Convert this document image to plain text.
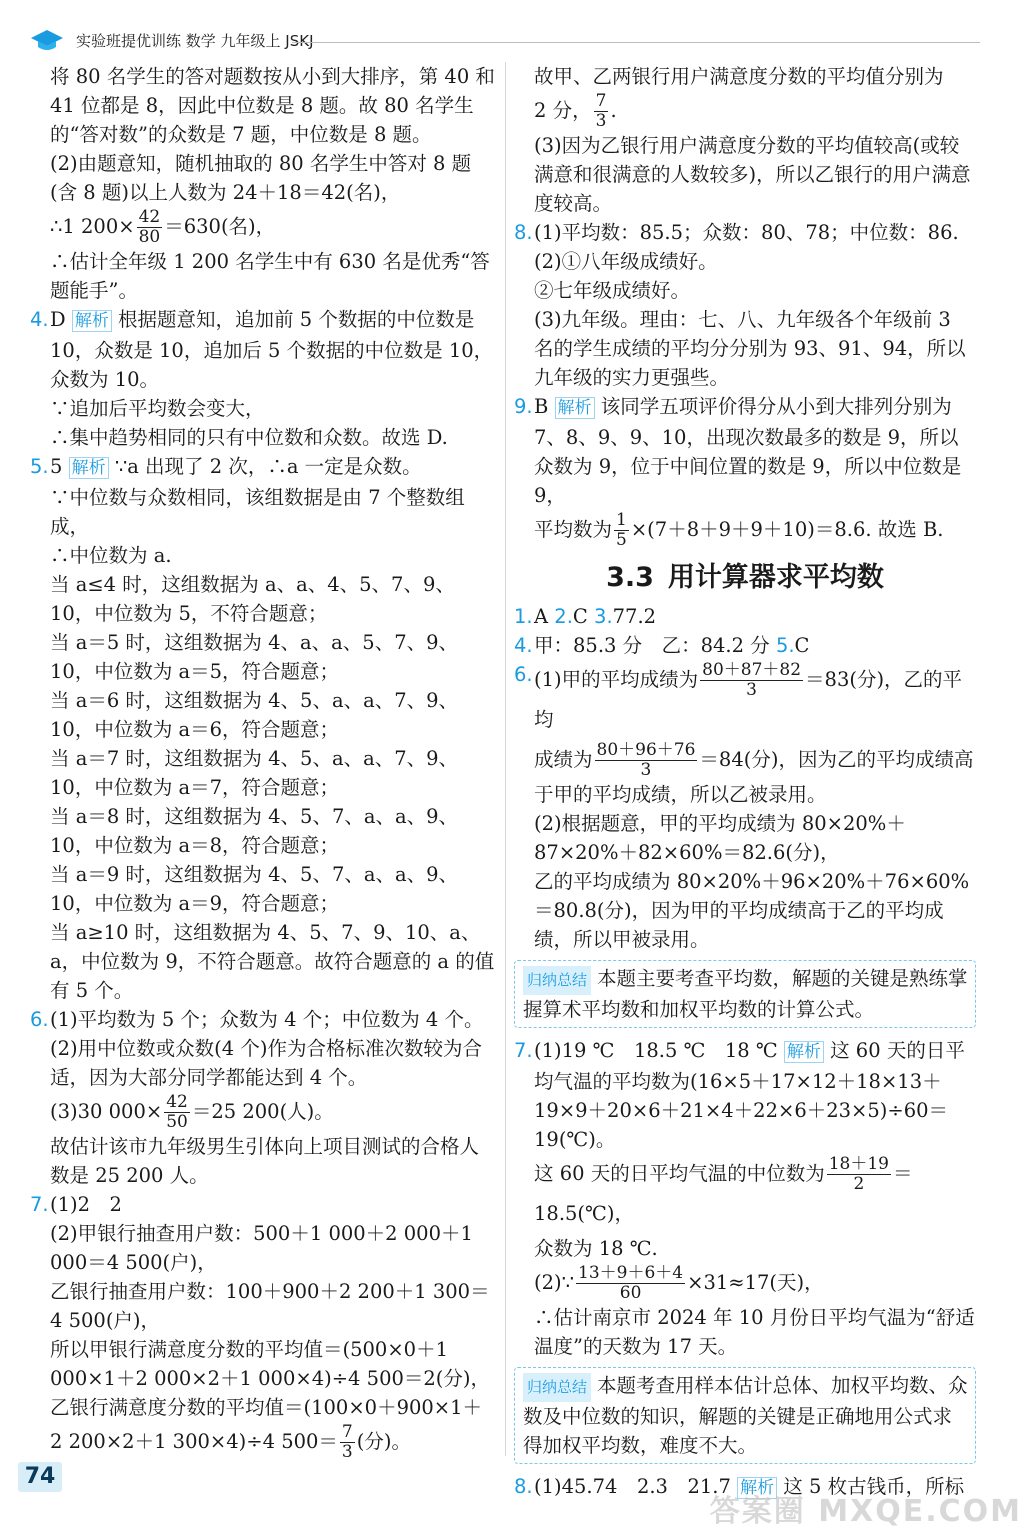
实验班提优训练 数学 九年级上 JSKJ

将 80 名学生的答对题数按从小到大排序，第 40 和 41 位都是 8，因此中位数是 8 题。故 80 名学生的“答对数”的众数是 7 题，中位数是 8 题。

(2)由题意知，随机抽取的 80 名学生中答对 8 题(含 8 题)以上人数为 24＋18＝42(名)，

∴1 $200\times \frac{42}{80} =630$(名)，

∴估计全年级 1 200 名学生中有 630 名是优秀“答题能手”。

4. D 解析 根据题意知，追加前 5 个数据的中位数是 10，众数是 10，追加后 5 个数据的中位数是 10，众数为 10。
∵追加后平均数会变大，
∴集中趋势相同的只有中位数和众数。故选 D.
5. 5 解析 ∵a 出现了 2 次，∴a 一定是众数。
∵中位数与众数相同，该组数据是由 7 个整数组成，
∴中位数为 a.
当 a≤4 时，这组数据为 a、a、4、5、7、9、10，中位数为 5，不符合题意；
当 a＝5 时，这组数据为 4、a、a、5、7、9、10，中位数为 a＝5，符合题意；
当 a＝6 时，这组数据为 4、5、a、a、7、9、10，中位数为 a＝6，符合题意；
当 a＝7 时，这组数据为 4、5、a、a、7、9、10，中位数为 a＝7，符合题意；
当 a＝8 时，这组数据为 4、5、7、a、a、9、10，中位数为 a＝8，符合题意；
当 a＝9 时，这组数据为 4、5、7、a、a、9、10，中位数为 a＝9，符合题意；
当 a≥10 时，这组数据为 4、5、7、9、10、a、a，中位数为 9，不符合题意。故符合题意的 a 的值有 5 个。
6. (1)平均数为 5 个；众数为 4 个；中位数为 4 个。
(2)用中位数或众数(4 个)作为合格标准次数较为合适，因为大部分同学都能达到 4 个。
(3)30 $000\times \frac{42}{50} =25$ 200(人)。
故估计该市九年级男生引体向上项目测试的合格人数是 25 200 人。
7. (1)2　2
(2)甲银行抽查用户数：500＋1 000＋2 000＋1 000＝4 500(户)，
乙银行抽查用户数：100＋900＋2 200＋1 300＝4 500(户)，
所以甲银行满意度分数的平均值＝(500×0＋1 000×1＋2 000×2＋1 000×4)÷4 500＝2(分)，
乙银行满意度分数的平均值＝(100×0＋900×1＋
2 200×2＋1 300×4)÷4 $500= \frac{7}{3}$ (分)。

故甲、乙两银行用户满意度分数的平均值分别为

2 分， $\frac{7}{3}$ .

(3)因为乙银行用户满意度分数的平均值较高(或较满意和很满意的人数较多)，所以乙银行的用户满意度较高。

8. (1)平均数：85.5；众数：80、78；中位数：86.
(2)①八年级成绩好。
②七年级成绩好。
(3)九年级。理由：七、八、九年级各个年级前 3 名的学生成绩的平均分分别为 93、91、94，所以九年级的实力更强些。
9. B 解析 该同学五项评价得分从小到大排列分别为 7、8、9、9、10，出现次数最多的数是 9，所以众数为 9，位于中间位置的数是 9，所以中位数是 9，
平均数为 $\frac{1}{5} \times(7+8+9+9+10)=8.6$. 故选 B.
3.3 用计算器求平均数
1. A 2.C 3.77.2
4. 甲：85.3 分　乙：84.2 分 5.C
6. (1)甲的平均成绩为 $\frac{80+87+82}{3} =83$(分)，乙的平均
成绩为 $\frac{80+96+76}{3} =84$(分)，因为乙的平均成绩高
于甲的平均成绩，所以乙被录用。
(2)根据题意，甲的平均成绩为 80×20%＋87×20%＋82×60%＝82.6(分)，
乙的平均成绩为 80×20%＋96×20%＋76×60%＝80.8(分)，因为甲的平均成绩高于乙的平均成绩，所以甲被录用。
归纳总结 本题主要考查平均数，解题的关键是熟练掌握算术平均数和加权平均数的计算公式。
7. (1)19 ℃　18.5 ℃　18 ℃ 解析 这 60 天的日平均气温的平均数为(16×5＋17×12＋18×13＋19×9＋20×6＋21×4＋22×6＋23×5)÷60＝19(℃)。
这 60 天的日平均气温的中位数为 $\frac{18+19}{2}$ ＝18.5(℃)，
众数为 18 ℃.
(2)∵ $\frac{13+9+6+4}{60} \times 31\approx 17$(天)，
∴估计南京市 2024 年 10 月份日平均气温为“舒适温度”的天数为 17 天。
归纳总结 本题考查用样本估计总体、加权平均数、众数及中位数的知识，解题的关键是正确地用公式求得加权平均数，难度不大。
8. (1)45.74　2.3　21.7 解析 这 5 枚古钱币，所标
74
答案圈 MXQE.COM
